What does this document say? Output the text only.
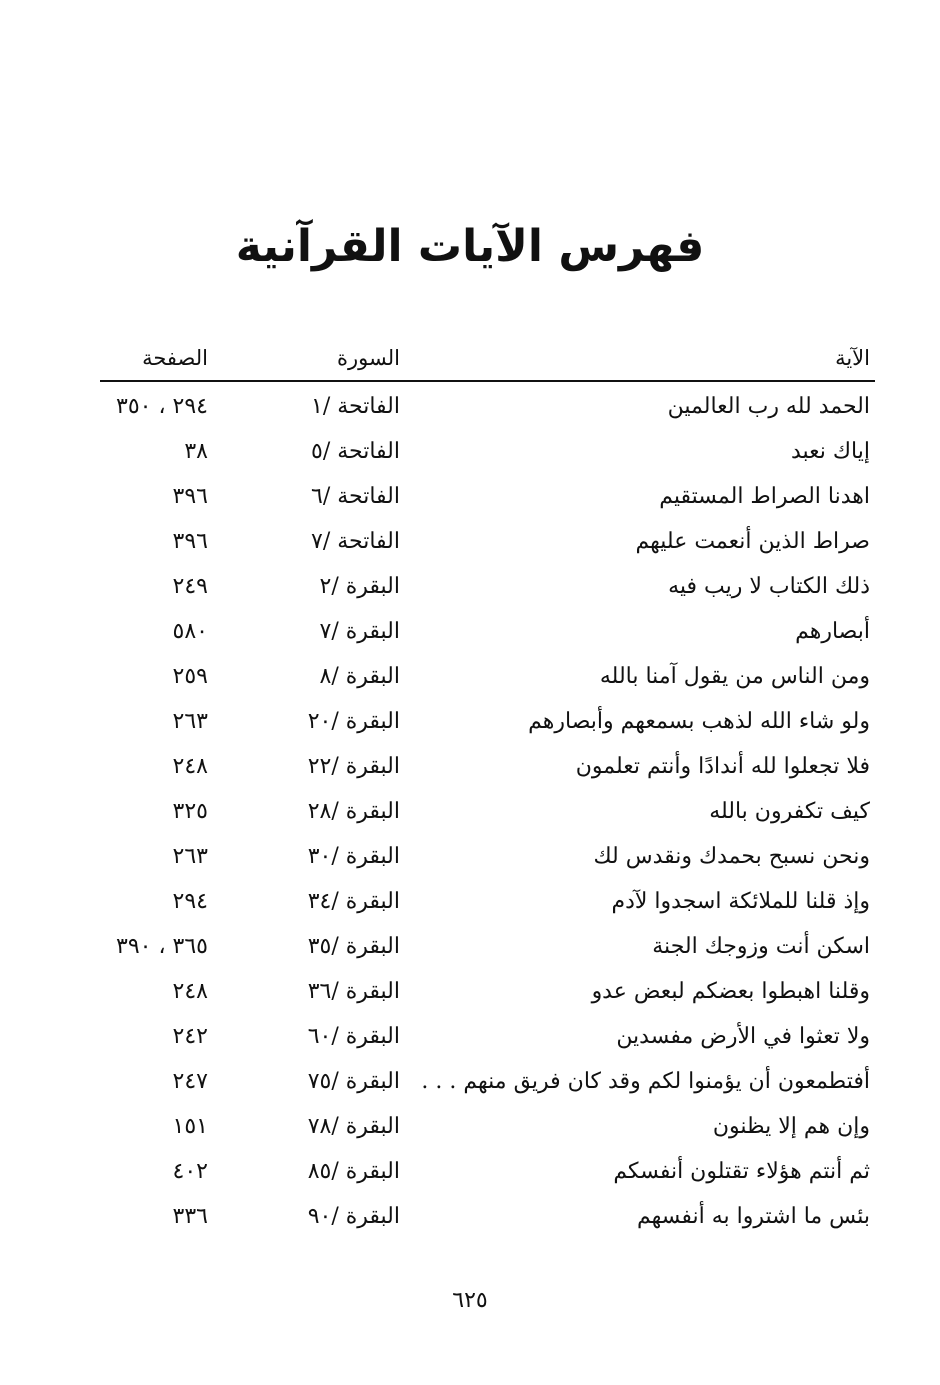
فهرس الآيات القرآنية
الآية
السورة
الصفحة
الحمد لله رب العالمين
الفاتحة /١
٢٩٤ ، ٣٥٠
إياك نعبد
الفاتحة /٥
٣٨
اهدنا الصراط المستقيم
الفاتحة /٦
٣٩٦
صراط الذين أنعمت عليهم
الفاتحة /٧
٣٩٦
ذلك الكتاب لا ريب فيه
البقرة /٢
٢٤٩
أبصارهم
البقرة /٧
٥٨٠
ومن الناس من يقول آمنا بالله
البقرة /٨
٢٥٩
ولو شاء الله لذهب بسمعهم وأبصارهم
البقرة /٢٠
٢٦٣
فلا تجعلوا لله أندادًا وأنتم تعلمون
البقرة /٢٢
٢٤٨
كيف تكفرون بالله
البقرة /٢٨
٣٢٥
ونحن نسبح بحمدك ونقدس لك
البقرة /٣٠
٢٦٣
وإذ قلنا للملائكة اسجدوا لآدم
البقرة /٣٤
٢٩٤
اسكن أنت وزوجك الجنة
البقرة /٣٥
٣٦٥ ، ٣٩٠
وقلنا اهبطوا بعضكم لبعض عدو
البقرة /٣٦
٢٤٨
ولا تعثوا في الأرض مفسدين
البقرة /٦٠
٢٤٢
أفتطمعون أن يؤمنوا لكم وقد كان فريق منهم . . .
البقرة /٧٥
٢٤٧
وإن هم إلا يظنون
البقرة /٧٨
١٥١
ثم أنتم هؤلاء تقتلون أنفسكم
البقرة /٨٥
٤٠٢
بئس ما اشتروا به أنفسهم
البقرة /٩٠
٣٣٦
٦٢٥
